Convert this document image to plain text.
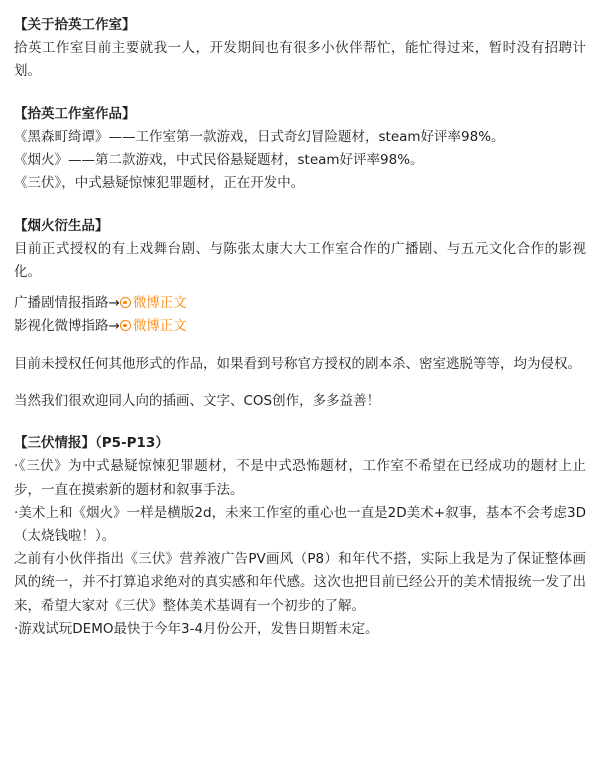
【关于拾英工作室】

拾英工作室目前主要就我一人，开发期间也有很多小伙伴帮忙，能忙得过来，暂时没有招聘计划。

【拾英工作室作品】

《黑森町绮谭》——工作室第一款游戏，日式奇幻冒险题材，steam好评率98%。

《烟火》——第二款游戏，中式民俗悬疑题材，steam好评率98%。

《三伏》，中式悬疑惊悚犯罪题材，正在开发中。

【烟火衍生品】

目前正式授权的有上戏舞台剧、与陈张太康大大工作室合作的广播剧、与五元文化合作的影视化。

广播剧情报指路→ 微博正文

影视化微博指路→ 微博正文

目前未授权任何其他形式的作品，如果看到号称官方授权的剧本杀、密室逃脱等等，均为侵权。

当然我们很欢迎同人向的插画、文字、COS创作，多多益善！

【三伏情报】（P5-P13）

·《三伏》为中式悬疑惊悚犯罪题材，不是中式恐怖题材，工作室不希望在已经成功的题材上止步，一直在摸索新的题材和叙事手法。

·美术上和《烟火》一样是横版2d，未来工作室的重心也一直是2D美术+叙事，基本不会考虑3D（太烧钱啦！）。

之前有小伙伴指出《三伏》营养液广告PV画风（P8）和年代不搭，实际上我是为了保证整体画风的统一，并不打算追求绝对的真实感和年代感。这次也把目前已经公开的美术情报统一发了出来，希望大家对《三伏》整体美术基调有一个初步的了解。

·游戏试玩DEMO最快于今年3-4月份公开，发售日期暂未定。
